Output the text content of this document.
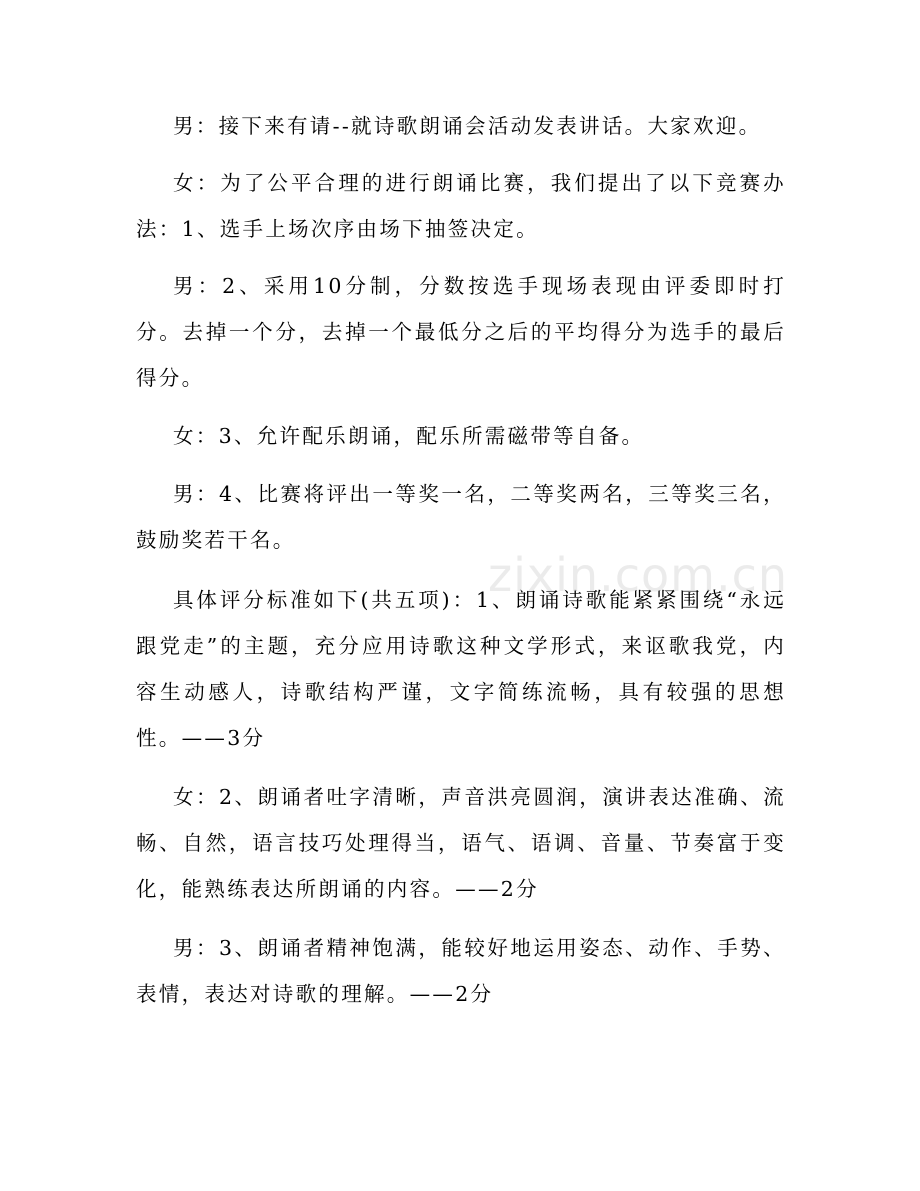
男：接下来有请--就诗歌朗诵会活动发表讲话。大家欢迎。

女：为了公平合理的进行朗诵比赛，我们提出了以下竞赛办法：1、选手上场次序由场下抽签决定。

男：2、采用10分制，分数按选手现场表现由评委即时打分。去掉一个分，去掉一个最低分之后的平均得分为选手的最后得分。

女：3、允许配乐朗诵，配乐所需磁带等自备。

男：4、比赛将评出一等奖一名，二等奖两名，三等奖三名，鼓励奖若干名。

具体评分标准如下(共五项)：1、朗诵诗歌能紧紧围绕“永远跟党走”的主题，充分应用诗歌这种文学形式，来讴歌我党，内容生动感人，诗歌结构严谨，文字简练流畅，具有较强的思想性。——3分

女：2、朗诵者吐字清晰，声音洪亮圆润，演讲表达准确、流畅、自然，语言技巧处理得当，语气、语调、音量、节奏富于变化，能熟练表达所朗诵的内容。——2分

男：3、朗诵者精神饱满，能较好地运用姿态、动作、手势、表情，表达对诗歌的理解。——2分

zixin.com.cn
